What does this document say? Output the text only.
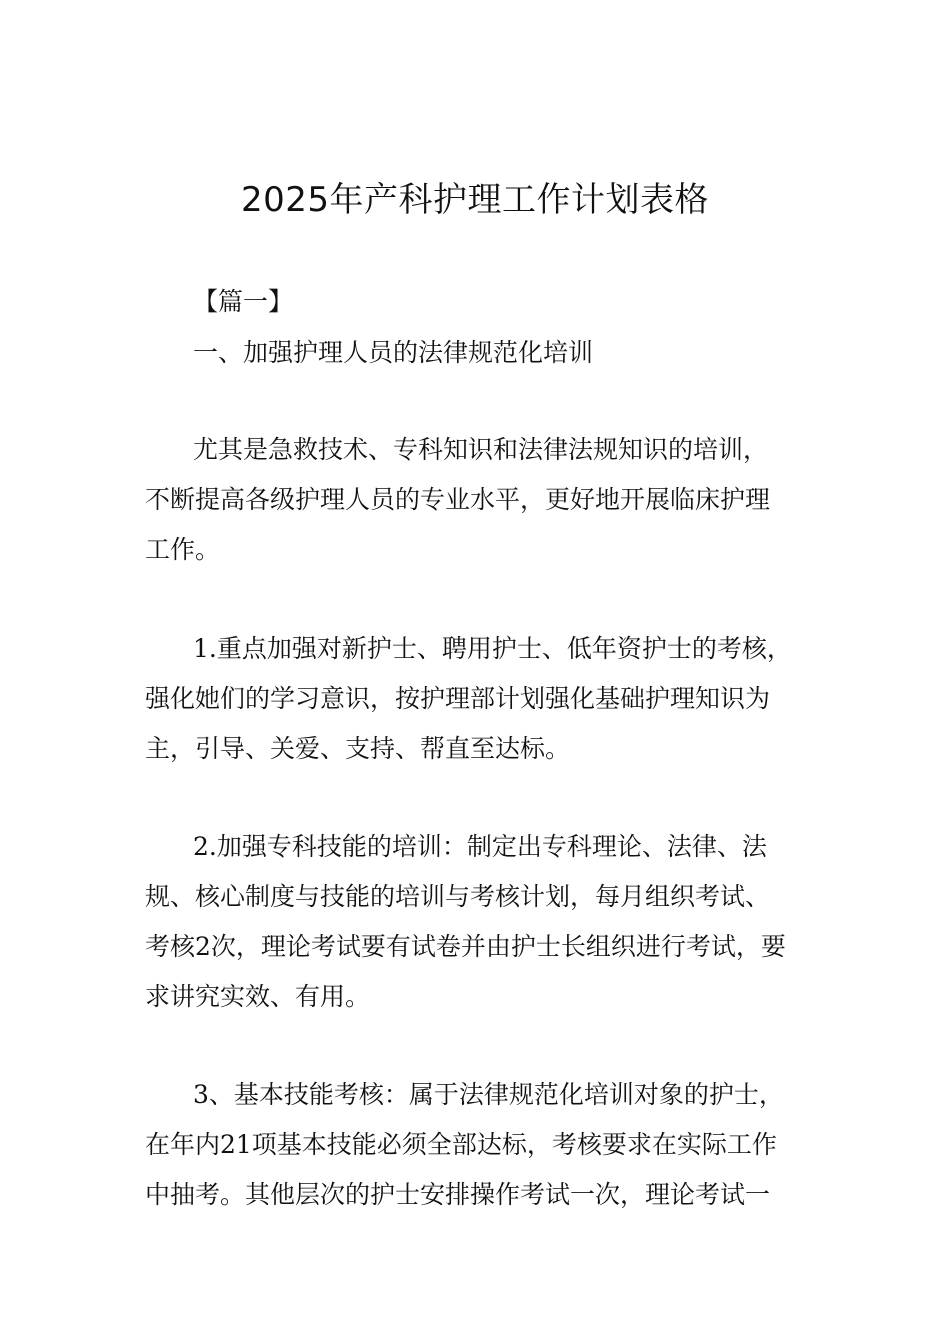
2025年产科护理工作计划表格

【篇一】

一、加强护理人员的法律规范化培训

尤其是急救技术、专科知识和法律法规知识的培训，

不断提高各级护理人员的专业水平，更好地开展临床护理

工作。

1.重点加强对新护士、聘用护士、低年资护士的考核，

强化她们的学习意识，按护理部计划强化基础护理知识为

主，引导、关爱、支持、帮直至达标。

2.加强专科技能的培训：制定出专科理论、法律、法

规、核心制度与技能的培训与考核计划，每月组织考试、

考核2次，理论考试要有试卷并由护士长组织进行考试，要

求讲究实效、有用。

3、基本技能考核：属于法律规范化培训对象的护士，

在年内21项基本技能必须全部达标，考核要求在实际工作

中抽考。其他层次的护士安排操作考试一次，理论考试一
